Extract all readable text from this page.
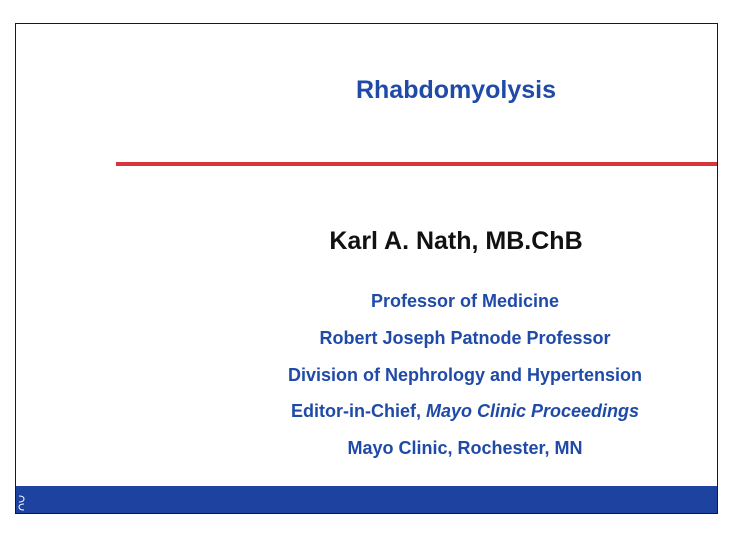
Rhabdomyolysis
Karl A. Nath, MB.ChB
Professor of Medicine
Robert Joseph Patnode Professor
Division of Nephrology and Hypertension
Editor-in-Chief, Mayo Clinic Proceedings
Mayo Clinic, Rochester, MN
